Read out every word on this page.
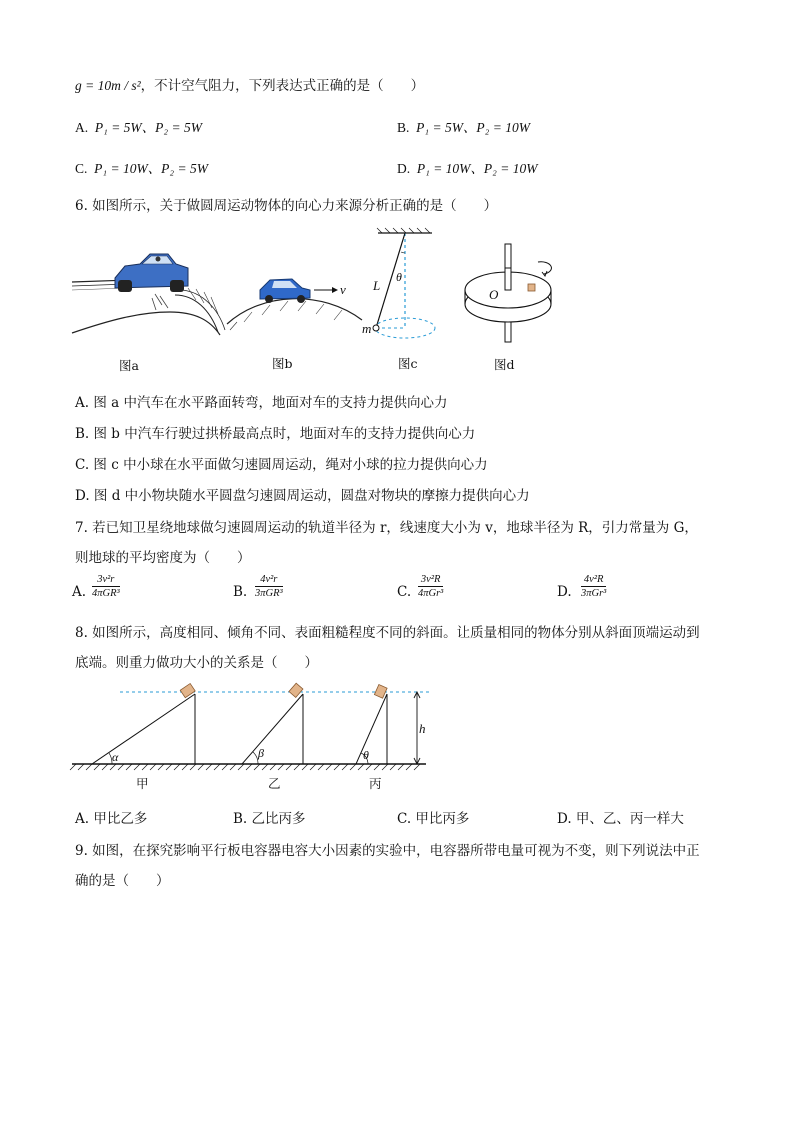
g = 10m / s²，不计空气阻力，下列表达式正确的是（　　）
A. P₁ = 5W、P₂ = 5W	B. P₁ = 5W、P₂ = 10W
C. P₁ = 10W、P₂ = 5W	D. P₁ = 10W、P₂ = 10W
6. 如图所示，关于做圆周运动物体的向心力来源分析正确的是（　　）
图a
v
图b
L
θ
m
图c
O
图d
A. 图 a 中汽车在水平路面转弯，地面对车的支持力提供向心力
B. 图 b 中汽车行驶过拱桥最高点时，地面对车的支持力提供向心力
C. 图 c 中小球在水平面做匀速圆周运动，绳对小球的拉力提供向心力
D. 图 d 中小物块随水平圆盘匀速圆周运动，圆盘对物块的摩擦力提供向心力
7. 若已知卫星绕地球做匀速圆周运动的轨道半径为 r，线速度大小为 v，地球半径为 R，引力常量为 G，
则地球的平均密度为（　　）
A.
3v²r
4πGR³	B.
4v²r
3πGR³	C.
3v²R
4πGr³	D.
4v²R
3πGr³
8. 如图所示，高度相同、倾角不同、表面粗糙程度不同的斜面。让质量相同的物体分别从斜面顶端运动到
底端。则重力做功大小的关系是（　　）
α	β	θ
h
甲	乙	丙
A. 甲比乙多	B. 乙比丙多	C. 甲比丙多	D. 甲、乙、丙一样大
9. 如图，在探究影响平行板电容器电容大小因素的实验中，电容器所带电量可视为不变，则下列说法中正
确的是（　　）
